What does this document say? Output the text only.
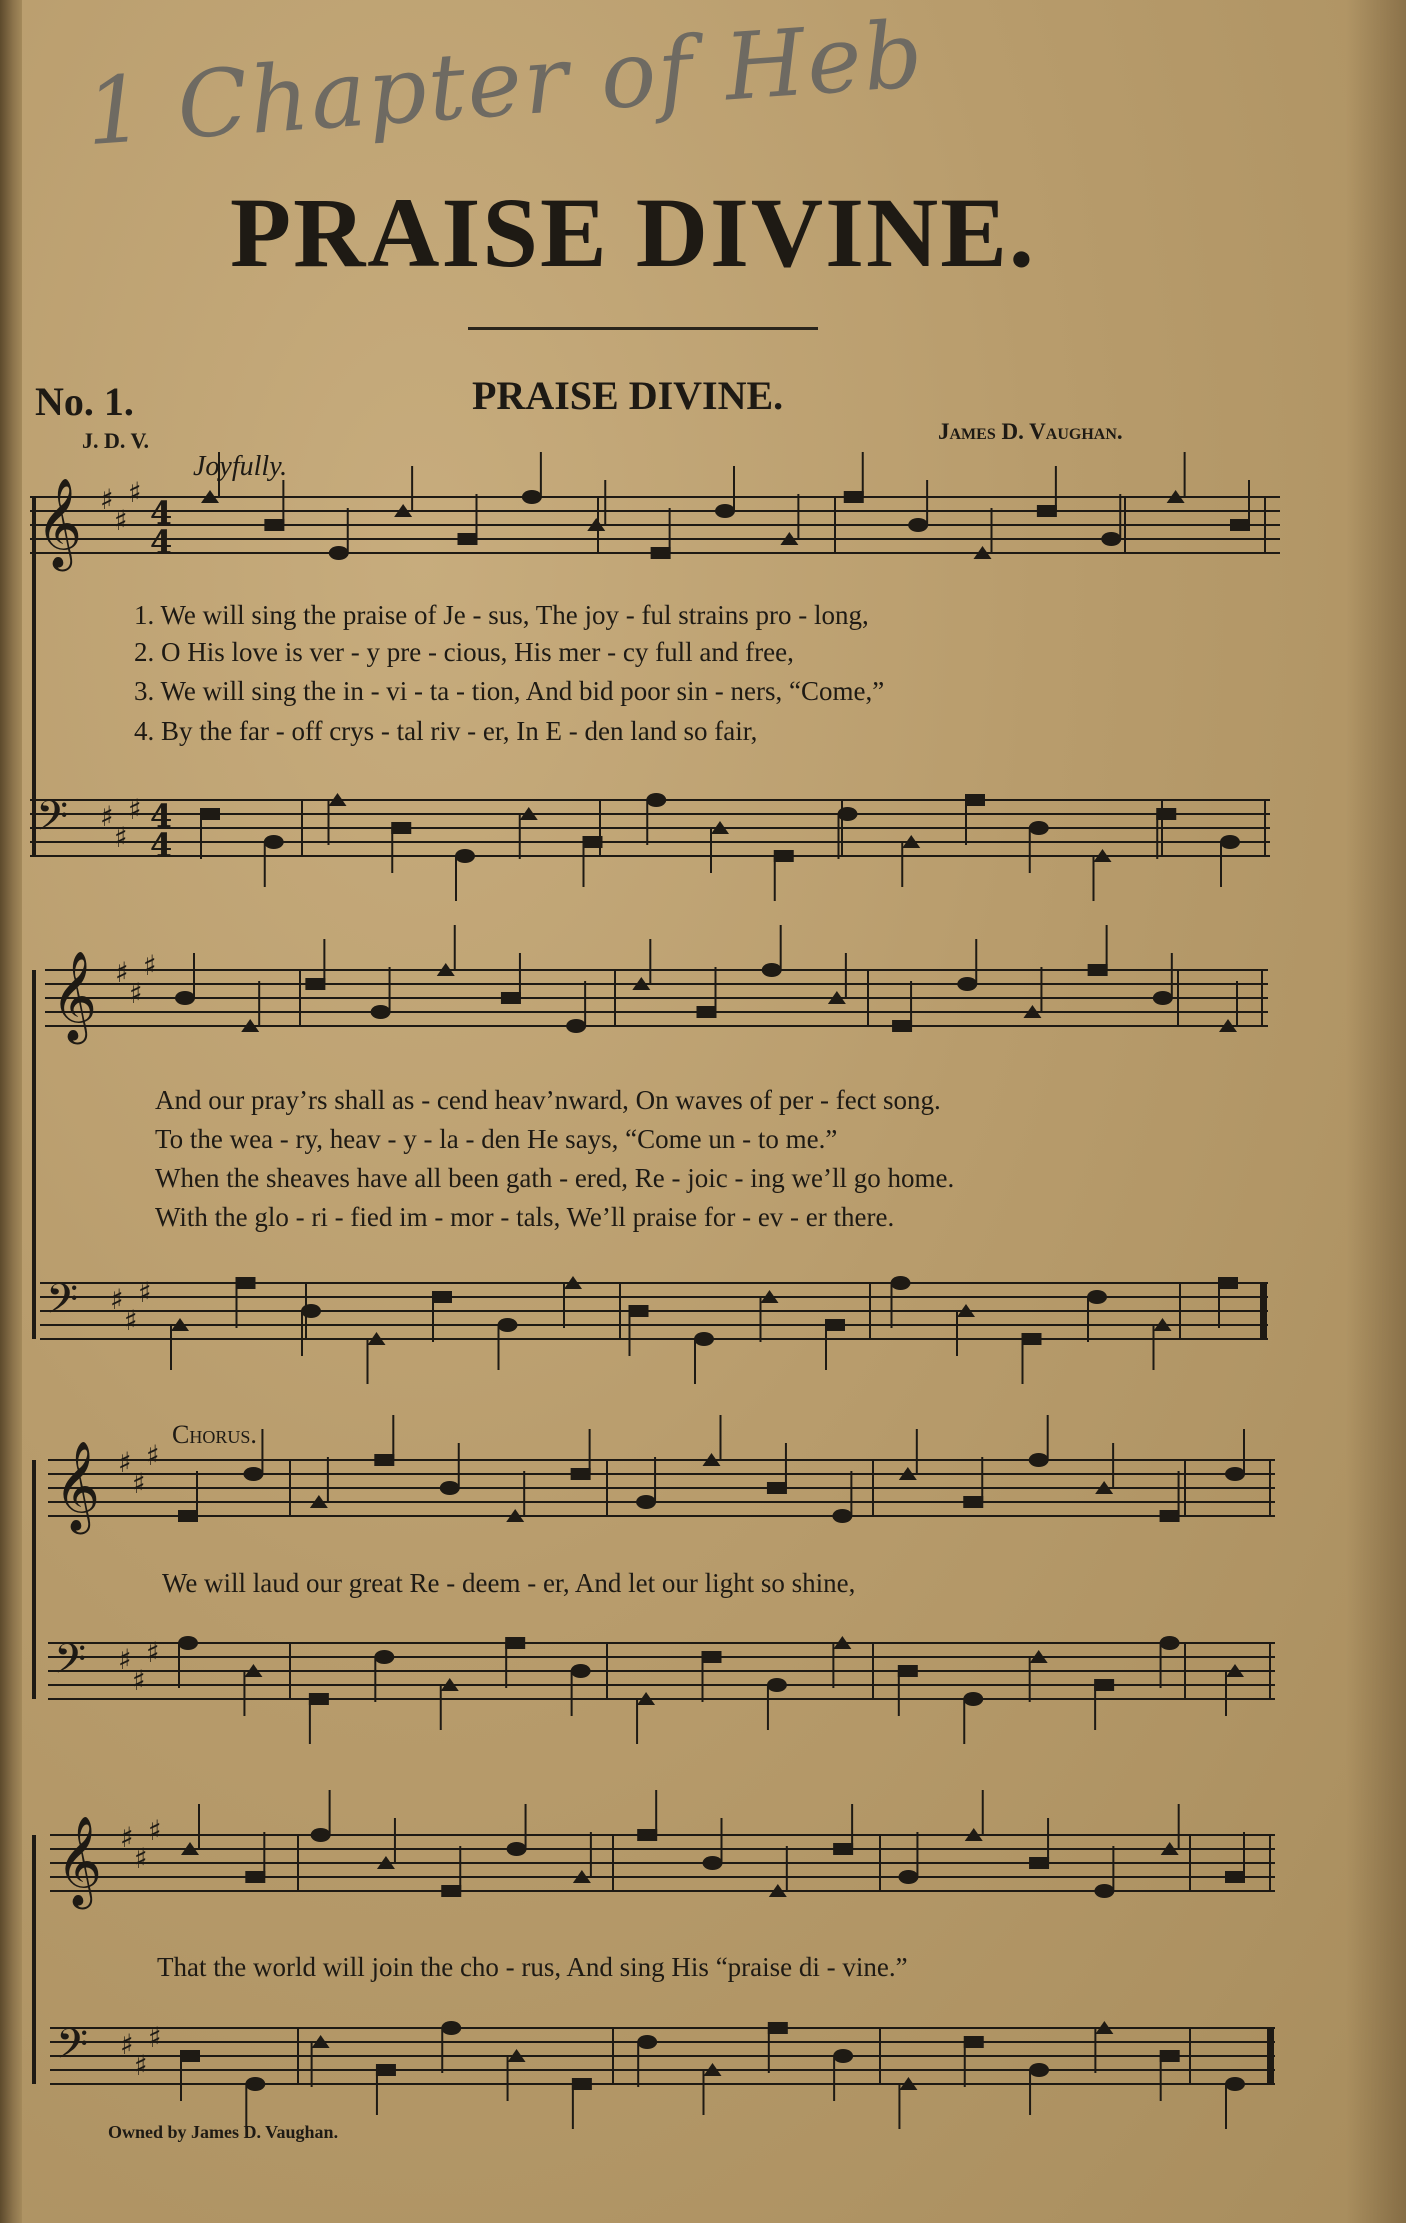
1 Chapter of Heb
PRAISE DIVINE.
No. 1.	PRAISE DIVINE.
J. D. V.	James D. Vaughan.
Joyfully.
1. We will sing the praise of Je - sus, The joy - ful strains pro - long,
2. O His love is ver - y pre - cious, His mer - cy full and free,
3. We will sing the in - vi - ta - tion, And bid poor sin - ners, “Come,”
4. By the far - off crys - tal riv - er, In E - den land so fair,
And our pray’rs shall as - cend heav’nward, On waves of per - fect song.
To the wea - ry, heav - y - la - den He says, “Come un - to me.”
When the sheaves have all been gath - ered, Re - joic - ing we’ll go home.
With the glo - ri - fied im - mor - tals, We’ll praise for - ev - er there.
Chorus.
We will laud our great Re - deem - er, And let our light so shine,
That the world will join the cho - rus, And sing His “praise di - vine.”
Owned by James D. Vaughan.
𝄞 ♯
♯
♯
4
4
𝄢 ♯
♯
♯ 4
4
𝄞 ♯
♯
♯
𝄢 ♯
♯
♯
𝄞 ♯
♯
♯
𝄢 ♯
♯
♯
𝄞 ♯
♯
♯
𝄢 ♯
♯
♯
